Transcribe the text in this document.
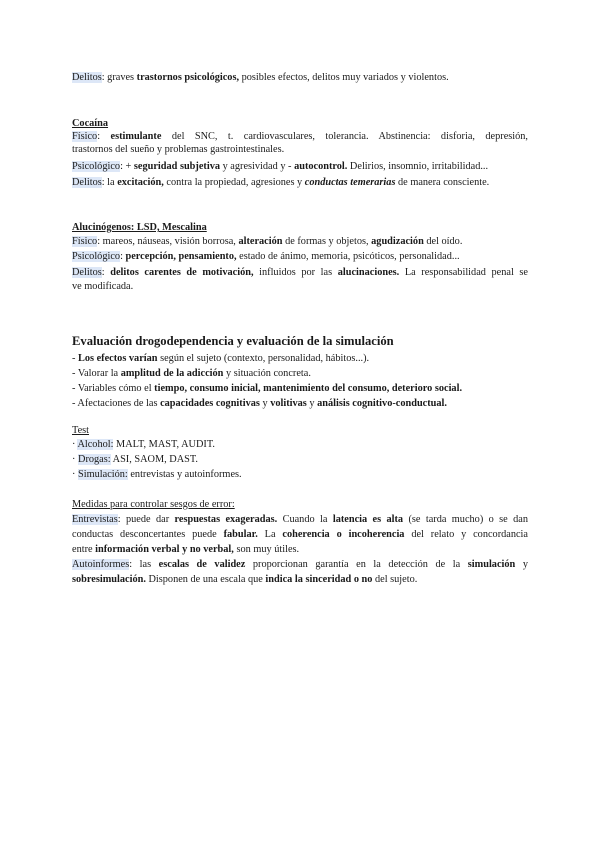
Delitos: graves trastornos psicológicos, posibles efectos, delitos muy variados y violentos.
Cocaína
Físico: estimulante del SNC, t. cardiovasculares, tolerancia. Abstinencia: disforia, depresión,
trastornos del sueño y problemas gastrointestinales.
Psicológico: + seguridad subjetiva y agresividad y - autocontrol. Delirios, insomnio, irritabilidad...
Delitos: la excitación, contra la propiedad, agresiones y conductas temerarias de manera consciente.
Alucinógenos: LSD, Mescalina
Físico: mareos, náuseas, visión borrosa, alteración de formas y objetos, agudización del oído.
Psicológico: percepción, pensamiento, estado de ánimo, memoria, psicóticos, personalidad...
Delitos: delitos carentes de motivación, influidos por las alucinaciones. La responsabilidad penal se
ve modificada.
Evaluación drogodependencia y evaluación de la simulación
- Los efectos varían según el sujeto (contexto, personalidad, hábitos...).
- Valorar la amplitud de la adicción y situación concreta.
- Variables cómo el tiempo, consumo inicial, mantenimiento del consumo, deterioro social.
- Afectaciones de las capacidades cognitivas y volitivas y análisis cognitivo-conductual.
Test
· Alcohol: MALT, MAST, AUDIT.
· Drogas: ASI, SAOM, DAST.
· Simulación: entrevistas y autoinformes.
Medidas para controlar sesgos de error:
Entrevistas: puede dar respuestas exageradas. Cuando la latencia es alta (se tarda mucho) o se dan
conductas desconcertantes puede fabular. La coherencia o incoherencia del relato y concordancia
entre información verbal y no verbal, son muy útiles.
Autoinformes: las escalas de validez proporcionan garantía en la detección de la simulación y
sobresimulación. Disponen de una escala que indica la sinceridad o no del sujeto.
